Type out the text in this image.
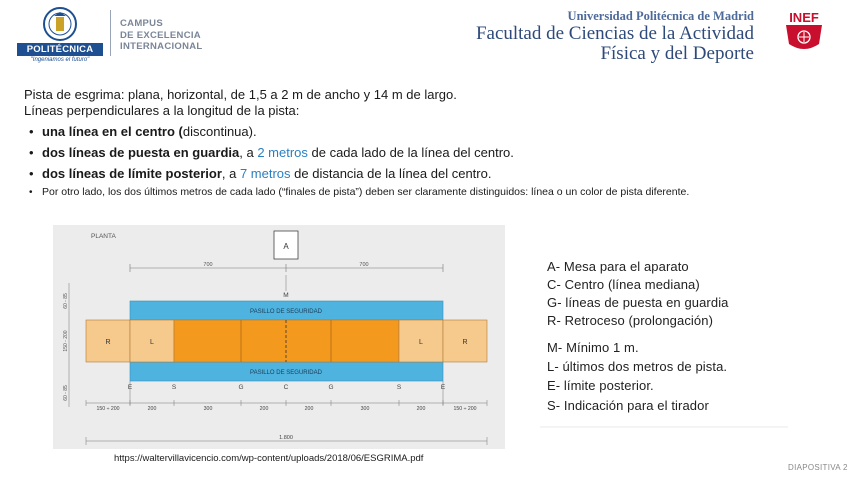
POLITÉCNICA
"Ingeniamos el futuro"
CAMPUS
DE EXCELENCIA
INTERNACIONAL
Universidad Politécnica de Madrid
Facultad de Ciencias de la Actividad
Física y del Deporte
INEF

Pista de esgrima: plana, horizontal, de 1,5 a 2 m de ancho y 14 m de largo.

Líneas perpendiculares a la longitud de la pista:

• una línea en el centro (discontinua).
• dos líneas de puesta en guardia, a 2 metros de cada lado de la línea del centro.
• dos líneas de límite posterior, a 7 metros de distancia de la línea del centro.
• Por otro lado, los dos últimos metros de cada lado (“finales de pista”) deben ser claramente distinguidos: línea o un color de pista diferente.
PLANTA
A
700	700
M
PASILLO DE SEGURIDAD
PASILLO DE SEGURIDAD
R	L	L	R
E	S	G	C	G	S	E
60 - 85
150 - 200
60 - 85
150 ÷ 200	200	300	200	200	300	200	150 ÷ 200
1.800
A- Mesa para el aparato
C- Centro (línea mediana)
G- líneas de puesta en guardia
R- Retroceso (prolongación)
M- Mínimo 1 m.
L- últimos dos metros de pista.
E- límite posterior.
S- Indicación para el tirador
https://waltervillavicencio.com/wp-content/uploads/2018/06/ESGRIMA.pdf
DIAPOSITIVA 2
